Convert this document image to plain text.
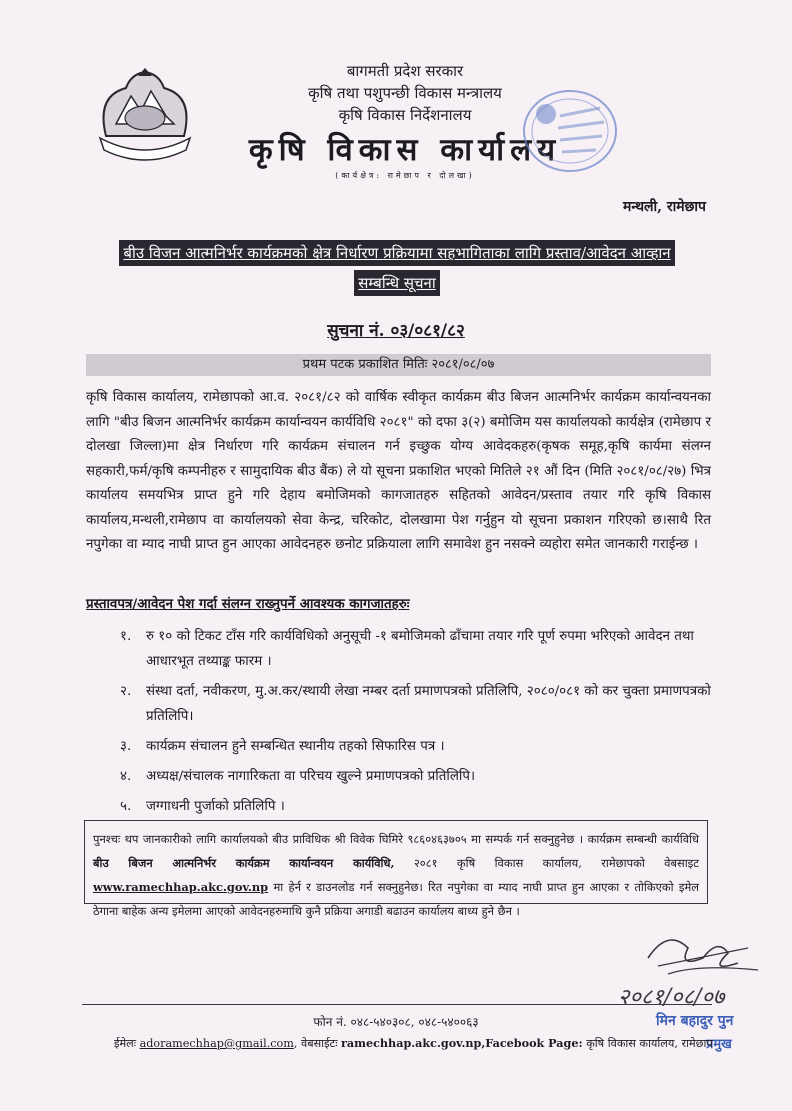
बागमती प्रदेश सरकार
कृषि तथा पशुपन्छी विकास मन्त्रालय
कृषि विकास निर्देशनालय
कृषि विकास कार्यालय
(कार्यक्षेत्र: रामेछाप र दोलखा)
मन्थली, रामेछाप
बीउ विजन आत्मनिर्भर कार्यक्रमको क्षेत्र निर्धारण प्रक्रियामा सहभागिताका लागि प्रस्ताव/आवेदन आव्हान
सम्बन्धि सूचना
सुचना नं. ०३/०८१/८२
प्रथम पटक प्रकाशित मितिः २०८१/०८/०७
कृषि विकास कार्यालय, रामेछापको आ.व. २०८१/८२ को वार्षिक स्वीकृत कार्यक्रम बीउ बिजन आत्मनिर्भर कार्यक्रम कार्यान्वयनका लागि "बीउ बिजन आत्मनिर्भर कार्यक्रम कार्यान्वयन कार्यविधि २०८१" को दफा ३(२) बमोजिम यस कार्यालयको कार्यक्षेत्र (रामेछाप र दोलखा जिल्ला)मा क्षेत्र निर्धारण गरि कार्यक्रम संचालन गर्न इच्छुक योग्य आवेदकहरु(कृषक समूह,कृषि कार्यमा संलग्न सहकारी,फर्म/कृषि कम्पनीहरु र सामुदायिक बीउ बैंक) ले यो सूचना प्रकाशित भएको मितिले २१ औं दिन (मिति २०८१/०८/२७) भित्र कार्यालय समयभित्र प्राप्त हुने गरि देहाय बमोजिमको कागजातहरु सहितको आवेदन/प्रस्ताव तयार गरि कृषि विकास कार्यालय,मन्थली,रामेछाप वा कार्यालयको सेवा केन्द्र, चरिकोट, दोलखामा पेश गर्नुहुन यो सूचना प्रकाशन गरिएको छ।साथै रित नपुगेका वा म्याद नाघी प्राप्त हुन आएका आवेदनहरु छनोट प्रक्रियाला लागि समावेश हुन नसक्ने व्यहोरा समेत जानकारी गराईन्छ ।
प्रस्तावपत्र/आवेदन पेश गर्दा संलग्न राख्नुपर्ने आवश्यक कागजातहरुः
१. रु १० को टिकट टाँस गरि कार्यविधिको अनुसूची -१ बमोजिमको ढाँचामा तयार गरि पूर्ण रुपमा भरिएको आवेदन तथा आधारभूत तथ्याङ्क फारम ।
२. संस्था दर्ता, नवीकरण, मु.अ.कर/स्थायी लेखा नम्बर दर्ता प्रमाणपत्रको प्रतिलिपि, २०८०/०८१ को कर चुक्ता प्रमाणपत्रको प्रतिलिपि।
३. कार्यक्रम संचालन हुने सम्बन्धित स्थानीय तहको सिफारिस पत्र ।
४. अध्यक्ष/संचालक नागारिकता वा परिचय खुल्ने प्रमाणपत्रको प्रतिलिपि।
५. जग्गाधनी पुर्जाको प्रतिलिपि ।
पुनश्चः थप जानकारीको लागि कार्यालयको बीउ प्राविधिक श्री विवेक घिमिरे ९८६०४६३७०५ मा सम्पर्क गर्न सक्नुहुनेछ । कार्यक्रम सम्बन्धी कार्यविधि बीउ बिजन आत्मनिर्भर कार्यक्रम कार्यान्वयन कार्यविधि, २०८१ कृषि विकास कार्यालय, रामेछापको वेबसाइट www.ramechhap.akc.gov.np मा हेर्न र डाउनलोड गर्न सक्नुहुनेछ। रित नपुगेका वा म्याद नाघी प्राप्त हुन आएका र तोकिएको इमेल ठेगाना बाहेक अन्य इमेलमा आएको आवेदनहरुमाथि कुनै प्रक्रिया अगाडी बढाउन कार्यालय बाध्य हुने छैन ।
२०८१/०८/०७
मिन बहादुर पुन
प्रमुख
फोन नं. ०४८-५४०३०८, ०४८-५४००६३
ईमेलः adoramechhap@gmail.com, वेबसाईटः ramechhap.akc.gov.np,Facebook Page: कृषि विकास कार्यालय, रामेछाप
